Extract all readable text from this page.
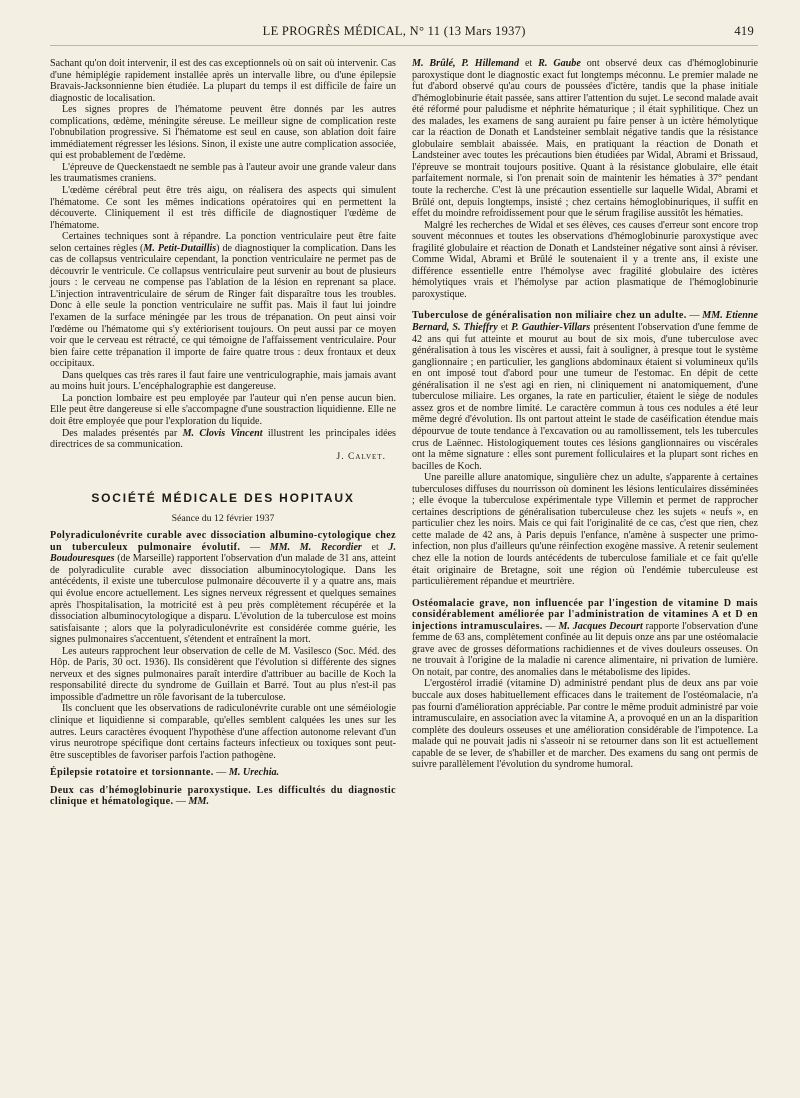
LE PROGRÈS MÉDICAL, N° 11 (13 Mars 1937)	419

Sachant qu'on doit intervenir, il est des cas exceptionnels où on sait où intervenir. Cas d'une hémiplégie rapidement installée après un intervalle libre, ou d'une épilepsie Bravais-Jacksonnienne bien étudiée. La plupart du temps il est difficile de faire un diagnostic de localisation.

Les signes propres de l'hématome peuvent être donnés par les autres complications, œdème, méningite séreuse. Le meilleur signe de complication reste l'obnubilation progressive. Si l'hématome est seul en cause, son ablation doit faire immédiatement régresser les lésions. Sinon, il existe une autre complication associée, qui est probablement de l'œdème.

L'épreuve de Queckenstaedt ne semble pas à l'auteur avoir une grande valeur dans les traumatismes craniens.

L'œdème cérébral peut être très aigu, on réalisera des aspects qui simulent l'hématome. Ce sont les mêmes indications opératoires qui en permettent la découverte. Cliniquement il est très difficile de diagnostiquer l'œdème de l'hématome.

Certaines techniques sont à répandre. La ponction ventriculaire peut être faite selon certaines règles (M. Petit-Dutaillis) de diagnostiquer la complication. Dans les cas de collapsus ventriculaire cependant, la ponction ventriculaire ne permet pas de découvrir le ventricule. Ce collapsus ventriculaire peut survenir au bout de plusieurs jours : le cerveau ne compense pas l'ablation de la lésion en reprenant sa place. L'injection intraventriculaire de sérum de Ringer fait disparaître tous les troubles. Donc à elle seule la ponction ventriculaire ne suffit pas. Mais il faut lui joindre l'examen de la surface méningée par les trous de trépanation. On peut ainsi voir l'œdème ou l'hématome qui s'y extériorisent toujours. On peut aussi par ce moyen voir que le cerveau est rétracté, ce qui témoigne de l'affaissement ventriculaire. Pour bien faire cette trépanation il importe de faire quatre trous : deux frontaux et deux occipitaux.

Dans quelques cas très rares il faut faire une ventriculographie, mais jamais avant au moins huit jours. L'encéphalographie est dangereuse.

La ponction lombaire est peu employée par l'auteur qui n'en pense aucun bien. Elle peut être dangereuse si elle s'accompagne d'une soustraction liquidienne. Elle ne doit être employée que pour l'exploration du liquide.

Des malades présentés par M. Clovis Vincent illustrent les principales idées directrices de sa communication.

J. Calvet.
SOCIÉTÉ MÉDICALE DES HOPITAUX
Séance du 12 février 1937

Polyradiculonévrite curable avec dissociation albumino-cytologique chez un tuberculeux pulmonaire évolutif. — MM. M. Recordier et J. Boudouresques (de Marseille) rapportent l'observation d'un malade de 31 ans, atteint de polyradiculite curable avec dissociation albuminocytologique. Dans les antécédents, il existe une tuberculose pulmonaire découverte il y a quatre ans, mais qui évolue encore actuellement. Les signes nerveux régressent et quelques semaines après l'hospitalisation, la motricité est à peu près complètement récupérée et la dissociation albuminocytologique a disparu. L'évolution de la tuberculose est moins satisfaisante ; alors que la polyradiculonévrite est considérée comme guérie, les signes pulmonaires s'accentuent, s'étendent et entraînent la mort.

Les auteurs rapprochent leur observation de celle de M. Vasilesco (Soc. Méd. des Hôp. de Paris, 30 oct. 1936). Ils considèrent que l'évolution si différente des signes nerveux et des signes pulmonaires paraît interdire d'attribuer au bacille de Koch la responsabilité directe du syndrome de Guillain et Barré. Tout au plus n'est-il pas impossible d'admettre un rôle favorisant de la tuberculose.

Ils concluent que les observations de radiculonévrite curable ont une séméiologie clinique et liquidienne si comparable, qu'elles semblent calquées les unes sur les autres. Leurs caractères évoquent l'hypothèse d'une affection autonome relevant d'un virus neurotrope spécifique dont certains facteurs infectieux ou toxiques sont peut-être susceptibles de favoriser parfois l'action pathogène.

Épilepsie rotatoire et torsionnante. — M. Urechia.

Deux cas d'hémoglobinurie paroxystique. Les difficultés du diagnostic clinique et hématologique. — MM.

M. Brûlé, P. Hillemand et R. Gaube ont observé deux cas d'hémoglobinurie paroxystique dont le diagnostic exact fut longtemps méconnu. Le premier malade ne fut d'abord observé qu'au cours de poussées d'ictère, tandis que la phase initiale d'hémoglobinurie était passée, sans attirer l'attention du sujet. Le second malade avait été réformé pour paludisme et néphrite hématurique ; il était syphilitique. Chez un des malades, les examens de sang auraient pu faire penser à un ictère hémolytique car la réaction de Donath et Landsteiner semblait négative tandis que la résistance globulaire semblait abaissée. Mais, en pratiquant la réaction de Donath et Landsteiner avec toutes les précautions bien étudiées par Widal, Abrami et Brissaud, l'épreuve se montrait toujours positive. Quant à la résistance globulaire, elle était parfaitement normale, si l'on prenait soin de maintenir les hématies à 37° pendant toute la recherche. C'est là une précaution essentielle sur laquelle Widal, Abrami et Brûlé ont, depuis longtemps, insisté ; chez certains hémoglobinuriques, il suffit en effet du moindre refroidissement pour que le sérum fragilise aussitôt les hématies.

Malgré les recherches de Widal et ses élèves, ces causes d'erreur sont encore trop souvent méconnues et toutes les observations d'hémoglobinurie paroxystique avec fragilité globulaire et réaction de Donath et Landsteiner négative sont ainsi à réviser. Comme Widal, Abrami et Brûlé le soutenaient il y a trente ans, il existe une différence essentielle entre l'hémolyse avec fragilité globulaire des ictères hémolytiques vrais et l'hémolyse par action plasmatique de l'hémoglobinurie paroxystique.

Tuberculose de généralisation non miliaire chez un adulte. — MM. Etienne Bernard, S. Thieffry et P. Gauthier-Villars présentent l'observation d'une femme de 42 ans qui fut atteinte et mourut au bout de six mois, d'une tuberculose avec généralisation à tous les viscères et aussi, fait à souligner, à presque tout le système ganglionnaire ; en particulier, les ganglions abdominaux étaient si volumineux qu'ils en ont imposé tout d'abord pour une tumeur de l'estomac. En dépit de cette généralisation il ne s'est agi en rien, ni cliniquement ni anatomiquement, d'une tuberculose miliaire. Les organes, la rate en particulier, étaient le siège de nodules assez gros et de nombre limité. Le caractère commun à tous ces nodules a été leur même degré d'évolution. Ils ont partout atteint le stade de caséification étendue mais dépourvue de toute tendance à l'excavation ou au ramollissement, tels les tubercules crus de Laënnec. Histologiquement toutes ces lésions ganglionnaires ou viscérales ont la même signature : elles sont purement folliculaires et la plupart sont riches en bacilles de Koch.

Une pareille allure anatomique, singulière chez un adulte, s'apparente à certaines tuberculoses diffuses du nourrisson où dominent les lésions lenticulaires disséminées ; elle évoque la tuberculose expérimentale type Villemin et permet de rapprocher certaines descriptions de généralisation tuberculeuse chez les sujets « neufs », en particulier chez les noirs. Mais ce qui fait l'originalité de ce cas, c'est que rien, chez cette malade de 42 ans, à Paris depuis l'enfance, n'amène à suspecter une primo-infection, non plus d'ailleurs qu'une réinfection exogène massive. A retenir seulement chez elle la notion de lourds antécédents de tuberculose familiale et ce fait qu'elle était originaire de Bretagne, soit une région où l'endémie tuberculeuse est particulièrement répandue et meurtrière.

Ostéomalacie grave, non influencée par l'ingestion de vitamine D mais considérablement améliorée par l'administration de vitamines A et D en injections intramusculaires. — M. Jacques Decourt rapporte l'observation d'une femme de 63 ans, complètement confinée au lit depuis onze ans par une ostéomalacie grave avec de grosses déformations rachidiennes et de vives douleurs osseuses. On ne trouvait à l'origine de la maladie ni carence alimentaire, ni privation de lumière. On notait, par contre, des anomalies dans le métabolisme des lipides.

L'ergostérol irradié (vitamine D) administré pendant plus de deux ans par voie buccale aux doses habituellement efficaces dans le traitement de l'ostéomalacie, n'a pas fourni d'amélioration appréciable. Par contre le même produit administré par voie intramusculaire, en association avec la vitamine A, a provoqué en un an la disparition complète des douleurs osseuses et une amélioration considérable de l'impotence. La malade qui ne pouvait jadis ni s'asseoir ni se retourner dans son lit est actuellement capable de se lever, de s'habiller et de marcher. Des examens du sang ont permis de suivre parallèlement l'évolution du syndrome humoral.
